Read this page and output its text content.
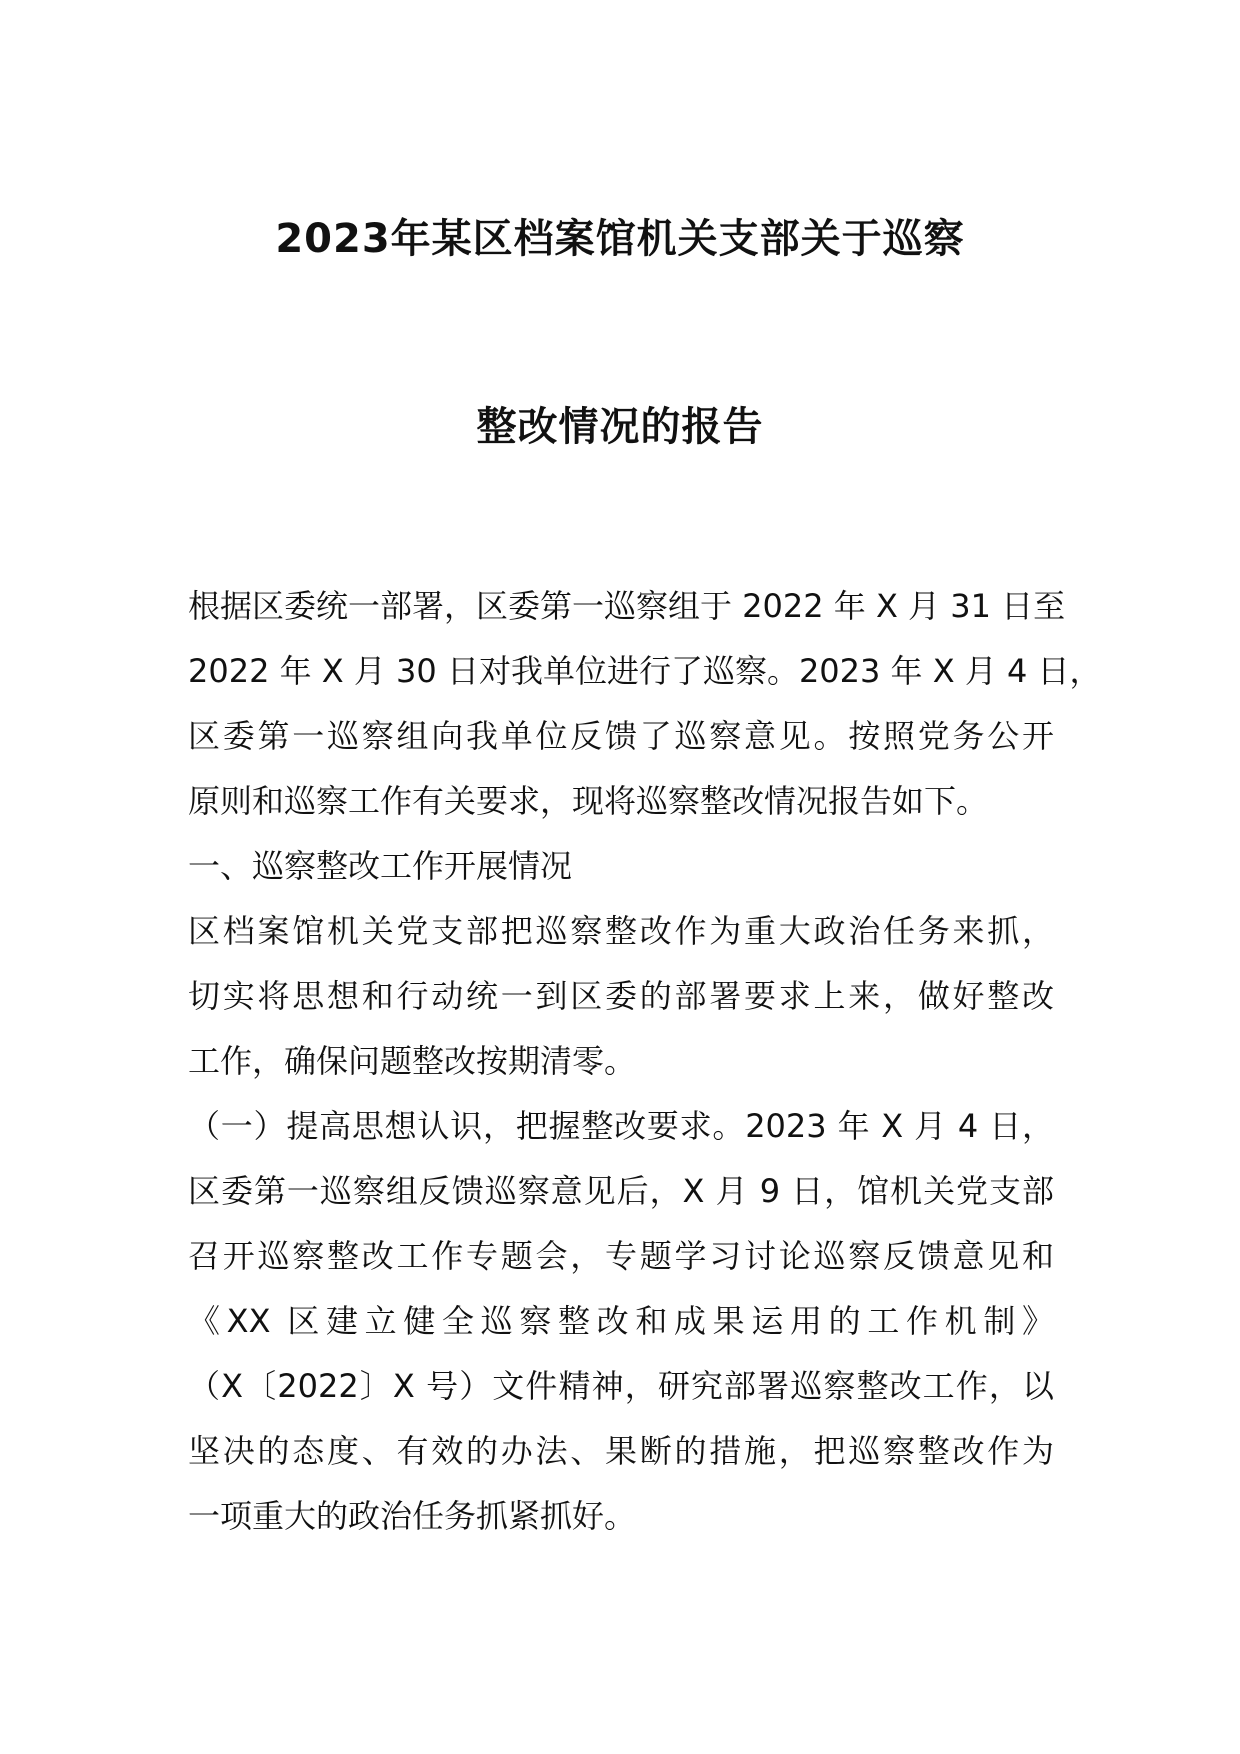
2023年某区档案馆机关支部关于巡察
整改情况的报告
根据区委统一部署，区委第一巡察组于 2022 年 X 月 31 日至
2022 年 X 月 30 日对我单位进行了巡察。2023 年 X 月 4 日，
区委第一巡察组向我单位反馈了巡察意见。按照党务公开
原则和巡察工作有关要求，现将巡察整改情况报告如下。
一、巡察整改工作开展情况
区档案馆机关党支部把巡察整改作为重大政治任务来抓，
切实将思想和行动统一到区委的部署要求上来，做好整改
工作，确保问题整改按期清零。
（一）提高思想认识，把握整改要求。2023 年 X 月 4 日，
区委第一巡察组反馈巡察意见后，X 月 9 日，馆机关党支部
召开巡察整改工作专题会，专题学习讨论巡察反馈意见和
《XX 区建立健全巡察整改和成果运用的工作机制》
（X〔2022〕X 号）文件精神，研究部署巡察整改工作，以
坚决的态度、有效的办法、果断的措施，把巡察整改作为
一项重大的政治任务抓紧抓好。
